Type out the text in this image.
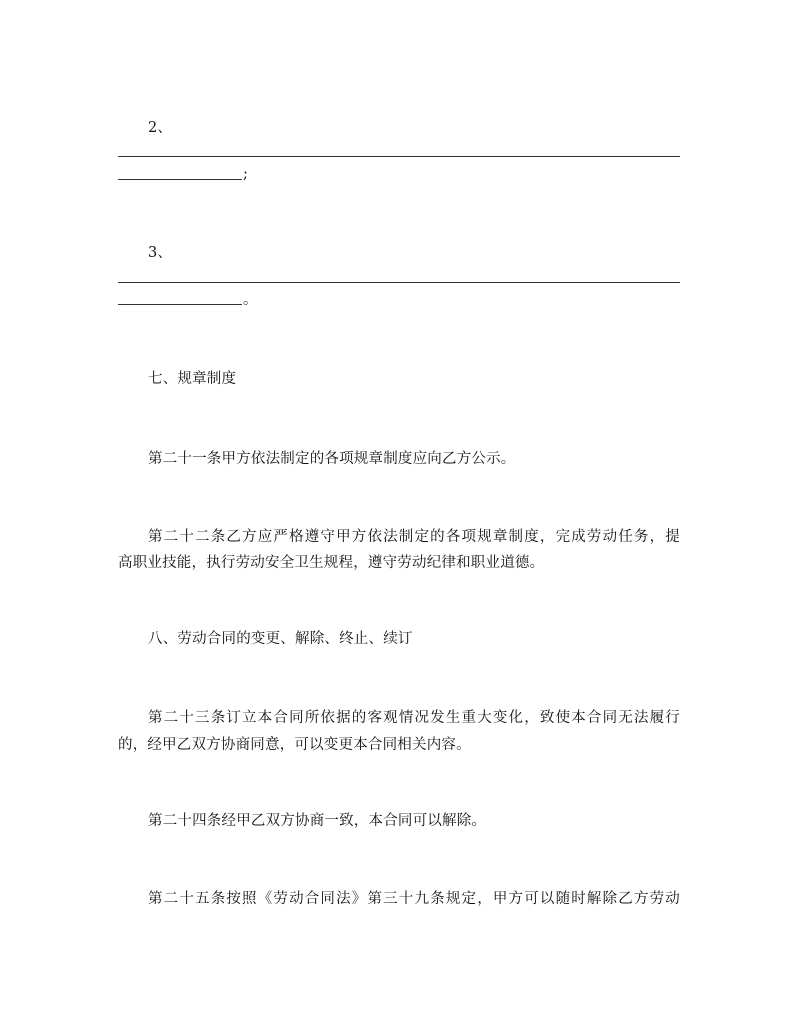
2、
;
3、
。
七、规章制度
第二十一条甲方依法制定的各项规章制度应向乙方公示。
第二十二条乙方应严格遵守甲方依法制定的各项规章制度，完成劳动任务，提
高职业技能，执行劳动安全卫生规程，遵守劳动纪律和职业道德。
八、劳动合同的变更、解除、终止、续订
第二十三条订立本合同所依据的客观情况发生重大变化，致使本合同无法履行
的，经甲乙双方协商同意，可以变更本合同相关内容。
第二十四条经甲乙双方协商一致，本合同可以解除。
第二十五条按照《劳动合同法》第三十九条规定，甲方可以随时解除乙方劳动
